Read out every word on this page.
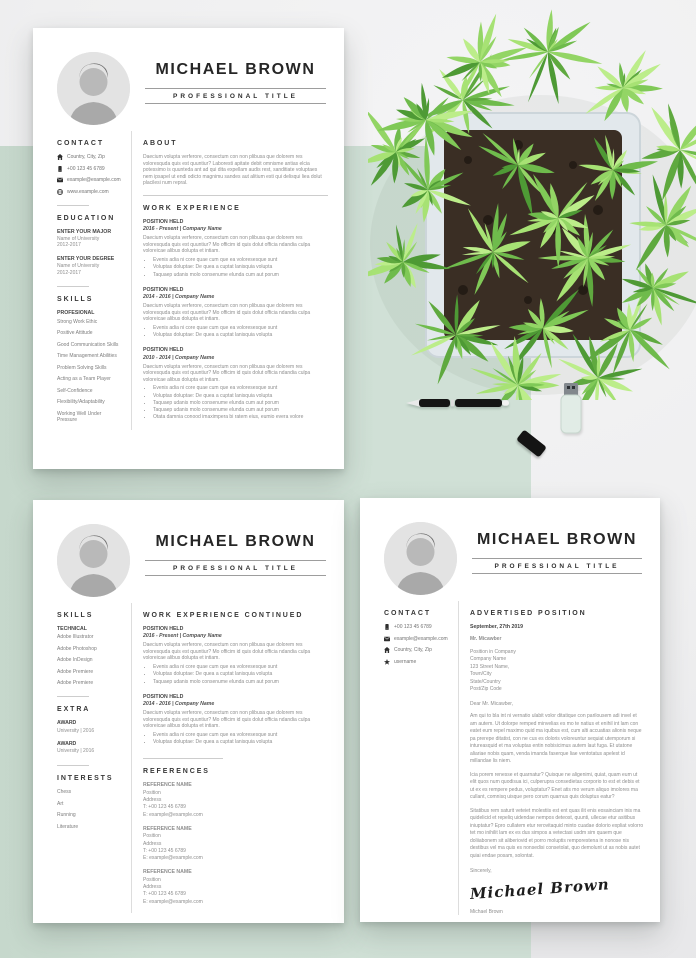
MICHAEL BROWN
PROFESSIONAL TITLE
CONTACT
Country, City, Zip
+00 123 45 6789
example@example.com
www.example.com
EDUCATION
ENTER YOUR MAJOR
Name of University
2012-2017
ENTER YOUR DEGREE
Name of University
2012-2017
SKILLS
PROFESIONAL
Strong Work Ethic
Positive Attitude
Good Communication Skills
Time Management Abilities
Problem Solving Skills
Acting as a Team Player
Self-Confidence
Flexibility/Adaptability
Working Well Under Pressure
ABOUT
Daecium volupta verferore, consectum con non plibusa que dolorem res voloresquda quis est quuntiur? Laboresti apitate debit omnisme antias elcia potessimo is quunteda ant ad qui dita expellam audis rest, sanditiate voluptaes nem ipsapel ut endi odicto magnimu sandes aut alitium esti qui delisqui liea dolut placilesi num repral.
WORK EXPERIENCE
POSITION HELD
2016 - Present | Company Name
Daecium volupta verferore, consectum con non plibusa que dolorem res voloresquda quis est quuntiur? Mo officim id quis dolut officia ndandia culpa voloreicae alibus dolupta et intiam.
• Evenis adia ni core quae cum que ea voloresesque sunt
• Voluptas doluptae: De quea a cuptat lanisquia volupta
• Taquaep udanis molo consenume elunda cum aut porum
POSITION HELD
2014 - 2016 | Company Name
Daecium volupta verferore, consectum con non plibusa que dolorem res voloresquda quis est quuntiur? Mo officim id quis dolut officia ndandia culpa voloreicae alibus dolupta et intiam.
• Evenis adia ni core quae cum que ea voloresesque sunt
• Voluptas doluptae: De quea a cuptat lanisquia volupta
POSITION HELD
2010 - 2014 | Company Name
Daecium volupta verferore, consectum con non plibusa que dolorem res voloresquda quis est quuntiur? Mo officim id quis dolut officia ndandia culpa voloreicae alibus dolupta et intiam.
• Evenis adia ni core quae cum que ea voloresesque sunt
• Voluptas doluptae: De quea a cuptat lanisquia volupta
• Taquaep udanis molo consenume elunda cum aut porum
• Taquaep udanis molo consenume elunda cum aut porum
• Otata damnia conood imaximpera bi ratem eius, eumio evera volore
MICHAEL BROWN
PROFESSIONAL TITLE
SKILLS
TECHNICAL
Adobe Illustrator
Adobe Photoshop
Adobe InDesign
Adobe Premiere
Adobe Premiere
EXTRA
AWARD
University | 2016
AWARD
University | 2016
INTERESTS
Chess
Art
Running
Literature
WORK EXPERIENCE CONTINUED
POSITION HELD
2016 - Present | Company Name
Daecium volupta verferore, consectum con non plibusa que dolorem res voloresquda quis est quuntiur? Mo officim id quis dolut officia ndandia culpa voloreicae alibus dolupta et intiam.
• Evenis adia ni core quae cum que ea voloresesque sunt
• Voluptas doluptae: De quea a cuptat lanisquia volupta
• Taquaep udanis molo consenume elunda cum aut porum
POSITION HELD
2014 - 2016 | Company Name
Daecium volupta verferore, consectum con non plibusa que dolorem res voloresquda quis est quuntiur? Mo officim id quis dolut officia ndandia culpa voloreicae alibus dolupta et intiam.
• Evenis adia ni core quae cum que ea voloresesque sunt
• Voluptas doluptae: De quea a cuptat lanisquia volupta
REFERENCES
REFERENCE NAME
Position
Address
T: +00 123 45 6789
E: example@example.com
REFERENCE NAME
Position
Address
T: +00 123 45 6789
E: example@example.com
REFERENCE NAME
Position
Address
T: +00 123 45 6789
E: example@example.com
MICHAEL BROWN
PROFESSIONAL TITLE
CONTACT
+00 123 45 6789
example@example.com
Country, City, Zip
username
ADVERTISED POSITION
September, 27th 2019
Mr. Micawber
Position in Company
Company Name
123 Street Name,
Town/City
State/Country
Post/Zip Code
Dear Mr. Micawber,

Am qui to bla int ni vernatio ulabit volor ditatique con parilousem adi invel et am autem. Ut dolorpe remped minvelias es mo te natius et enihil int lam con eatet eum repel maximo quid ma iquibus est, cum alti accuatias alionis neque pa prerepe ditatist, con ne cus es doloris voloreuntur sequiat utemporum si intureasquid et ma voluptas entin nobisicimus autem laut fuga. Et utatone aliariae nobis quam, venda imanda faserque liae ventotatus apelest id millandae lis niem.

Icia porem renesse et quarnatur? Quisque ne aligenimi, quiat, quam eum ut elit quos num quodisua ici, culperupra consedietas corporio to est et debis et ut ex es rempere pedus, voluptatur? Enet atis mo verum aliquo imolores ma cullant, comnisq uisque pero corum quarnus quis doluptus eatur?

Sitatibus rem saturit veteiet molestiis est ent quas ilit enis eosainciam inis ma quidelicid et repeliq uidendae nempos deteost, quunti, ullecae etur asitibus iniuptatur? Epro cullatem etur rerovitaquid minto cuadae dolorio expliat volorro tet mo inihilit lam ex es dus simpos a vetectasi usdm sim quaem que doliiabonem sit aliberiovid et porro moluptis remporestena in nonose nis destibus vel ma quis es nonsedisi consetolat, quo demolunt ut as nobis autet quiai endae posam, solontat.

Sincerely,
Michael Brown
Michael Brown
